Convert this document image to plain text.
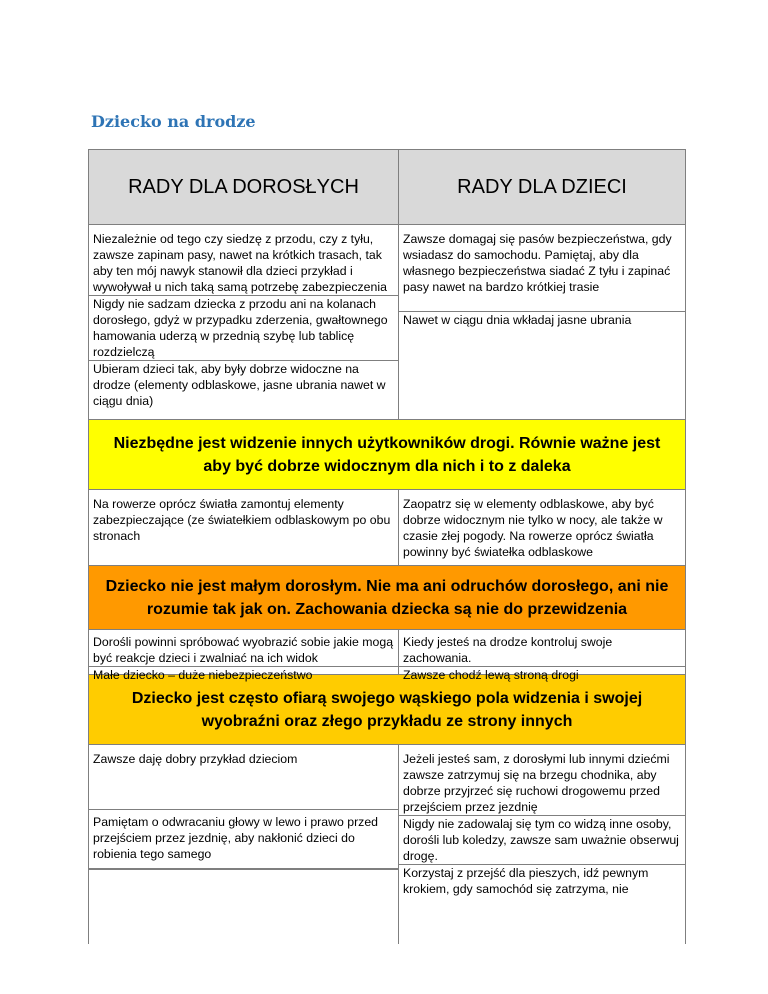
Dziecko na drodze
RADY DLA DOROSŁYCH	RADY DLA DZIECI
Niezależnie od tego czy siedzę z przodu, czy z tyłu, zawsze zapinam pasy, nawet na krótkich trasach, tak aby ten mój nawyk stanowił dla dzieci przykład i wywoływał u nich taką samą potrzebę zabezpieczenia
Nigdy nie sadzam dziecka z przodu ani na kolanach dorosłego, gdyż w przypadku zderzenia, gwałtownego hamowania uderzą w przednią szybę lub tablicę rozdzielczą
Ubieram dzieci tak, aby były dobrze widoczne na drodze (elementy odblaskowe, jasne ubrania nawet w ciągu dnia)
Zawsze domagaj się pasów bezpieczeństwa, gdy wsiadasz do samochodu. Pamiętaj, aby dla własnego bezpieczeństwa siadać Z tyłu i zapinać pasy nawet na bardzo krótkiej trasie
Nawet w ciągu dnia wkładaj jasne ubrania
Niezbędne jest widzenie innych użytkowników drogi. Równie ważne jest aby być dobrze widocznym dla nich i to z daleka
Na rowerze oprócz światła zamontuj elementy zabezpieczające (ze światełkiem odblaskowym po obu stronach
Zaopatrz się w elementy odblaskowe, aby być dobrze widocznym nie tylko w nocy, ale także w czasie złej pogody. Na rowerze oprócz światła powinny być światełka odblaskowe
Dziecko nie jest małym dorosłym. Nie ma ani odruchów dorosłego, ani nie rozumie tak jak on. Zachowania dziecka są nie do przewidzenia
Dorośli powinni spróbować wyobrazić sobie jakie mogą być reakcje dzieci i zwalniać na ich widok
Małe dziecko – duże niebezpieczeństwo
Kiedy jesteś na drodze kontroluj swoje zachowania.
Zawsze chodź lewą stroną drogi
Dziecko jest często ofiarą swojego wąskiego pola widzenia i swojej wyobraźni oraz złego przykładu ze strony innych
Zawsze daję dobry przykład dzieciom
Pamiętam o odwracaniu głowy w lewo i prawo przed przejściem przez jezdnię, aby nakłonić dzieci do robienia tego samego
Jeżeli jesteś sam, z dorosłymi lub innymi dziećmi zawsze zatrzymuj się na brzegu chodnika, aby dobrze przyjrzeć się ruchowi drogowemu przed przejściem przez jezdnię
Nigdy nie zadowalaj się tym co widzą inne osoby, dorośli lub koledzy, zawsze sam uważnie obserwuj drogę.
Korzystaj z przejść dla pieszych, idź pewnym krokiem, gdy samochód się zatrzyma, nie
